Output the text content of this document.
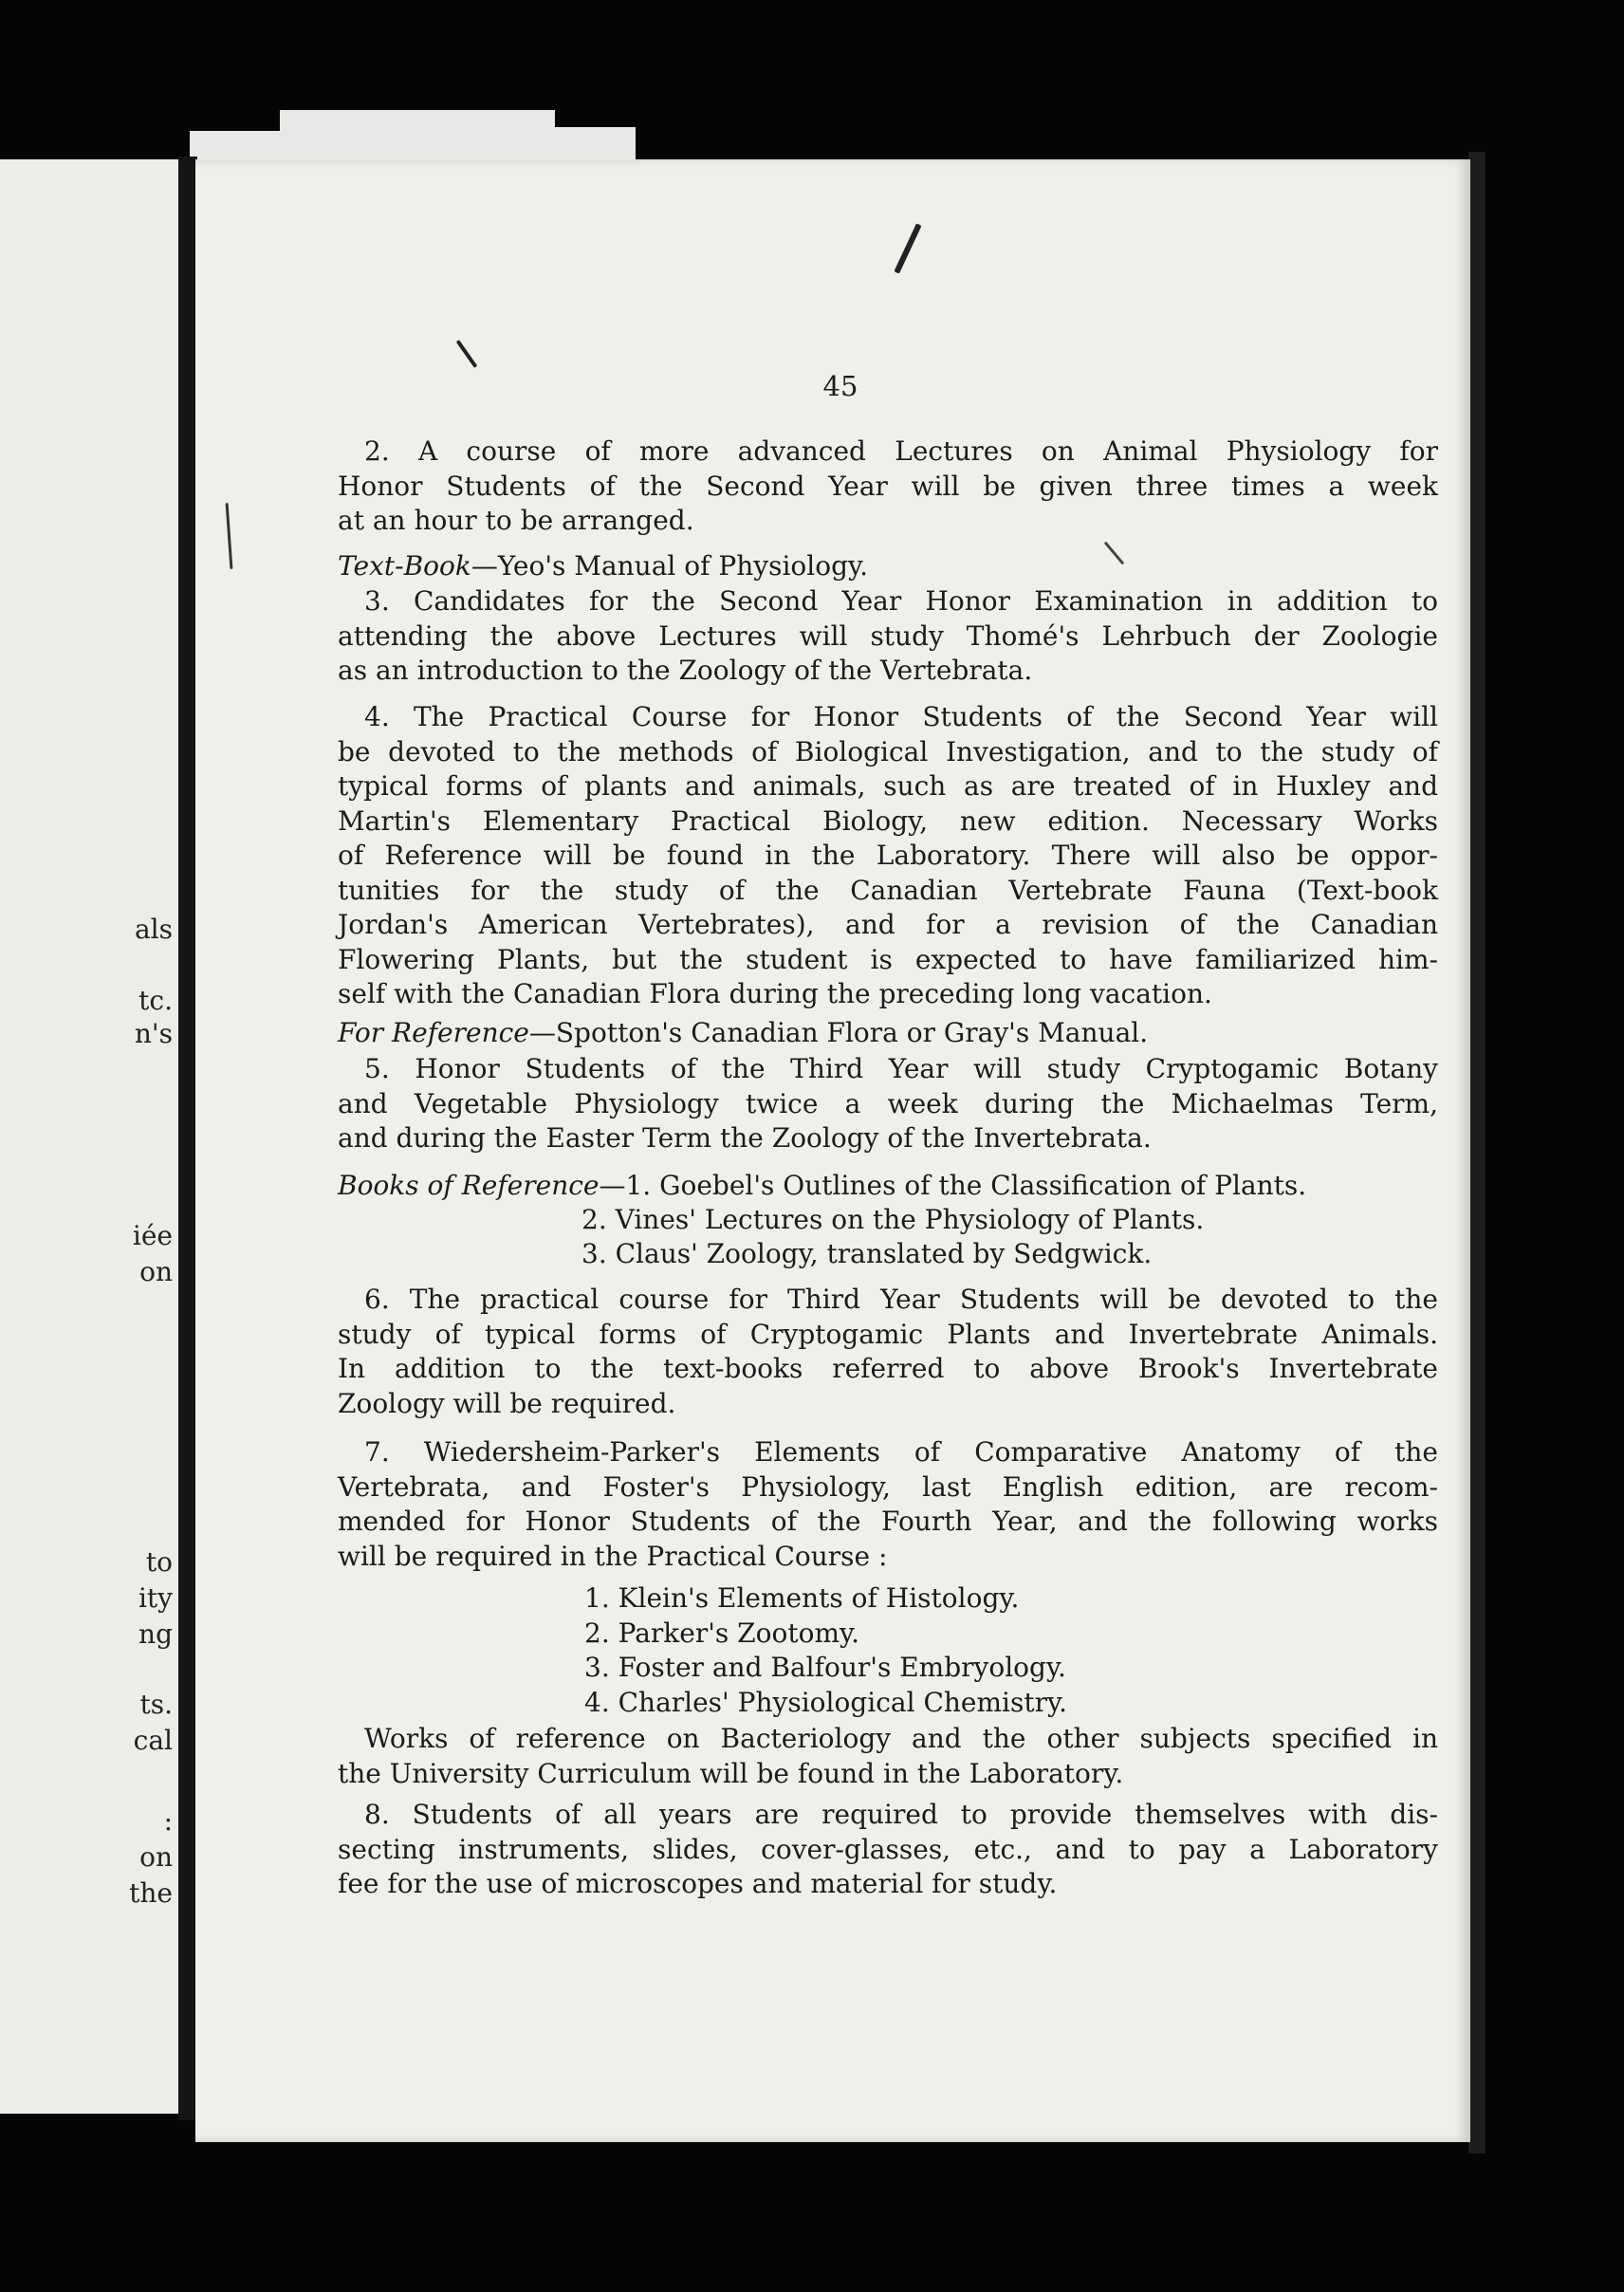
als
tc.
n's
iée
on
to
ity
ng
ts.
cal
:
on
the
45
2. A course of more advanced Lectures on Animal Physiology for
Honor Students of the Second Year will be given three times a week
at an hour to be arranged.
Text-Book—Yeo's Manual of Physiology.
3. Candidates for the Second Year Honor Examination in addition to
attending the above Lectures will study Thomé's Lehrbuch der Zoologie
as an introduction to the Zoology of the Vertebrata.
4. The Practical Course for Honor Students of the Second Year will
be devoted to the methods of Biological Investigation, and to the study of
typical forms of plants and animals, such as are treated of in Huxley and
Martin's Elementary Practical Biology, new edition. Necessary Works
of Reference will be found in the Laboratory. There will also be oppor-
tunities for the study of the Canadian Vertebrate Fauna (Text-book
Jordan's American Vertebrates), and for a revision of the Canadian
Flowering Plants, but the student is expected to have familiarized him-
self with the Canadian Flora during the preceding long vacation.
For Reference—Spotton's Canadian Flora or Gray's Manual.
5. Honor Students of the Third Year will study Cryptogamic Botany
and Vegetable Physiology twice a week during the Michaelmas Term,
and during the Easter Term the Zoology of the Invertebrata.
Books of Reference—1. Goebel's Outlines of the Classification of Plants.
2. Vines' Lectures on the Physiology of Plants.
3. Claus' Zoology, translated by Sedgwick.
6. The practical course for Third Year Students will be devoted to the
study of typical forms of Cryptogamic Plants and Invertebrate Animals.
In addition to the text-books referred to above Brook's Invertebrate
Zoology will be required.
7. Wiedersheim-Parker's Elements of Comparative Anatomy of the
Vertebrata, and Foster's Physiology, last English edition, are recom-
mended for Honor Students of the Fourth Year, and the following works
will be required in the Practical Course :
1. Klein's Elements of Histology.
2. Parker's Zootomy.
3. Foster and Balfour's Embryology.
4. Charles' Physiological Chemistry.
Works of reference on Bacteriology and the other subjects specified in
the University Curriculum will be found in the Laboratory.
8. Students of all years are required to provide themselves with dis-
secting instruments, slides, cover-glasses, etc., and to pay a Laboratory
fee for the use of microscopes and material for study.
